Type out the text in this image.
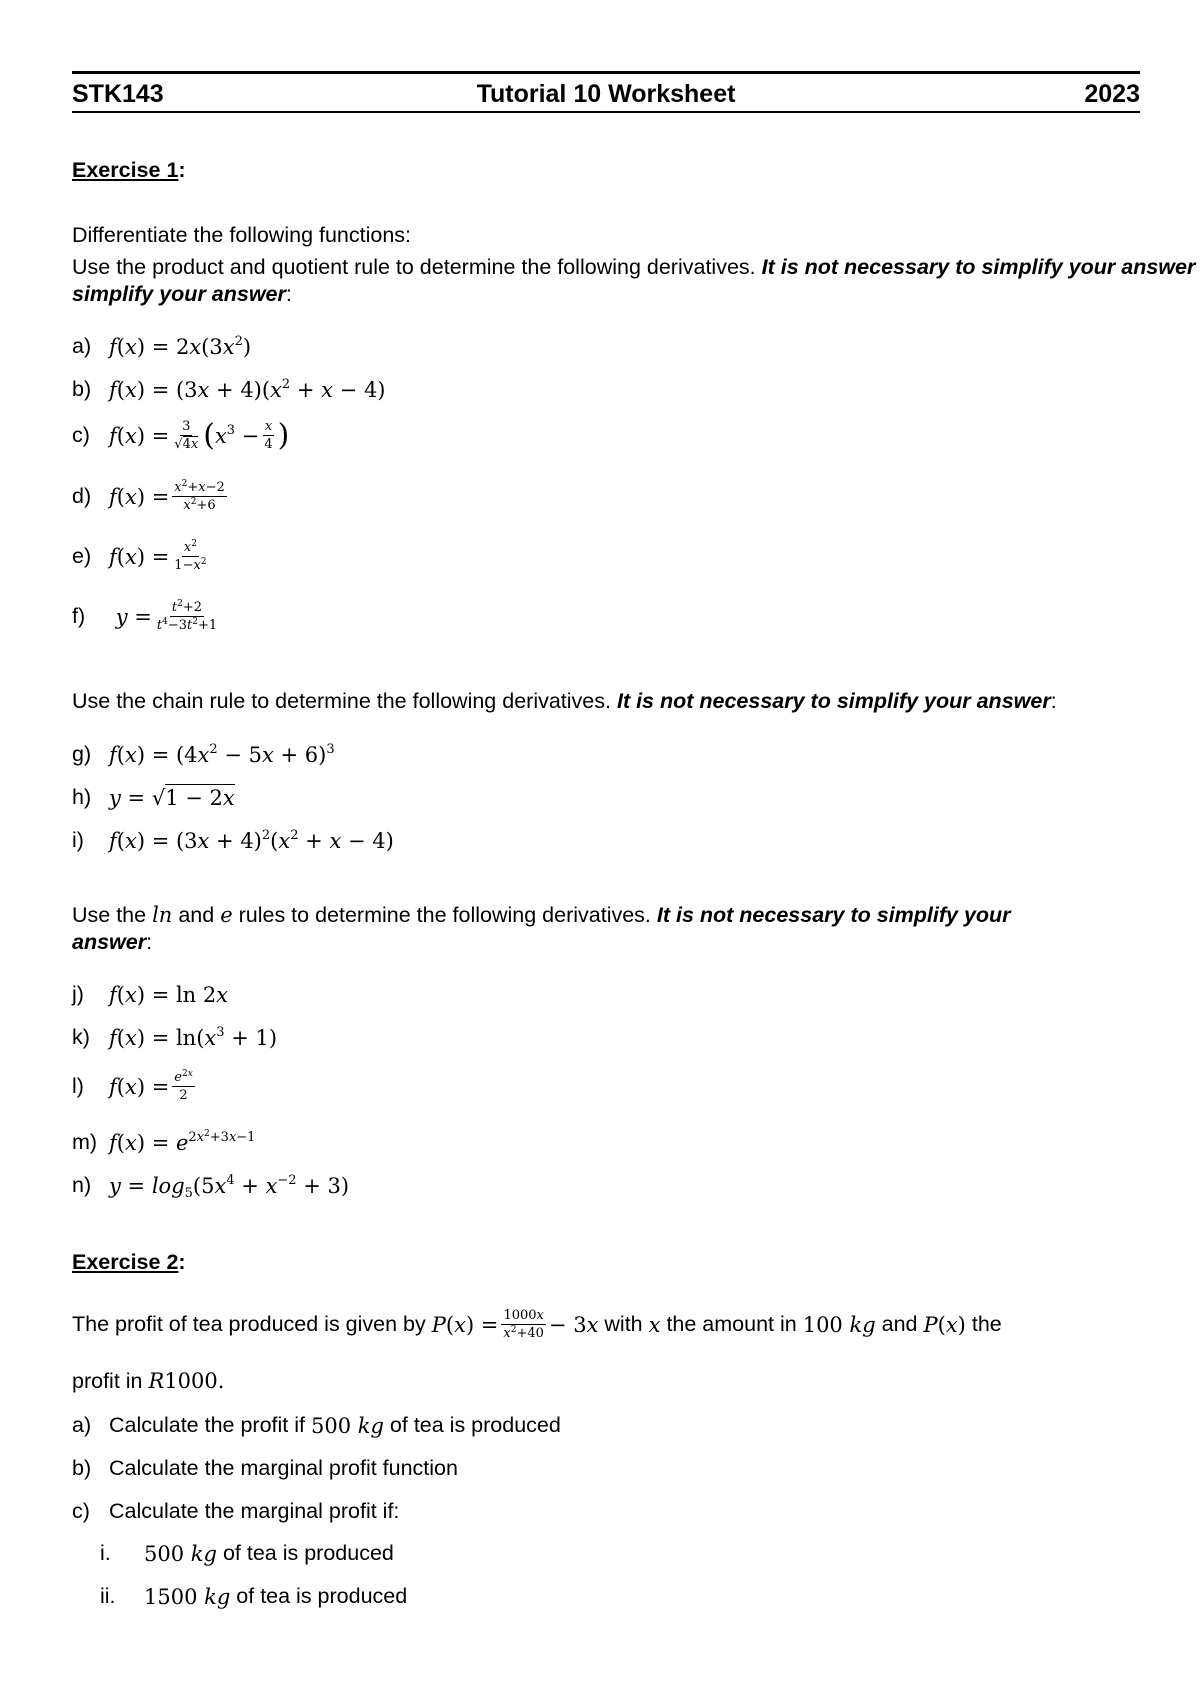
STK143	Tutorial 10 Worksheet	2023
Exercise 1:
Differentiate the following functions:
Use the product and quotient rule to determine the following derivatives. It is not necessary to simplify your answer
simplify your answer:
a) $f(x) = 2x(3x^2)$
b) $f(x) = (3x + 4)(x^2 + x - 4)$
c) $f(x) = \frac{3}{√4x}$ ( $x^3 - \frac{x}{4}$ )
d) $f(x) = \frac{x^2+x-2}{x^2+6}$
e) $f(x) = \frac{x^2}{1-x^2}$
f)	$y = \frac{t^2+2}{t^4-3t^2+1}$
Use the chain rule to determine the following derivatives. It is not necessary to simplify your answer:
g) $f(x) = (4x^2 - 5x + 6)^3$
h) y = √1 − 2x
i)	$f(x) = (3x + 4)^2(x^2 + x - 4)$
Use the ln and e rules to determine the following derivatives. It is not necessary to simplify your
answer:
j)	f(x) = ln 2x
k) $f(x) = \ln(x^3 + 1)$
l)	$f(x) = \frac{e^{2x}}{2}$
m) $f(x) = e^{2x^2+3x-1}$
n) $y = \log_5(5x^4 + x^{-2} + 3)$
Exercise 2:
The profit of tea produced is given by
$P(x) = \frac{1000x}{x^2+40} - 3x$
with
x
the amount in
100 kg
and
P(x)
the
profit in R1000.
a) Calculate the profit if
500 kg
of tea is produced
b) Calculate the marginal profit function
c) Calculate the marginal profit if:
i.	500 kg
of tea is produced
ii.	1500 kg
of tea is produced
